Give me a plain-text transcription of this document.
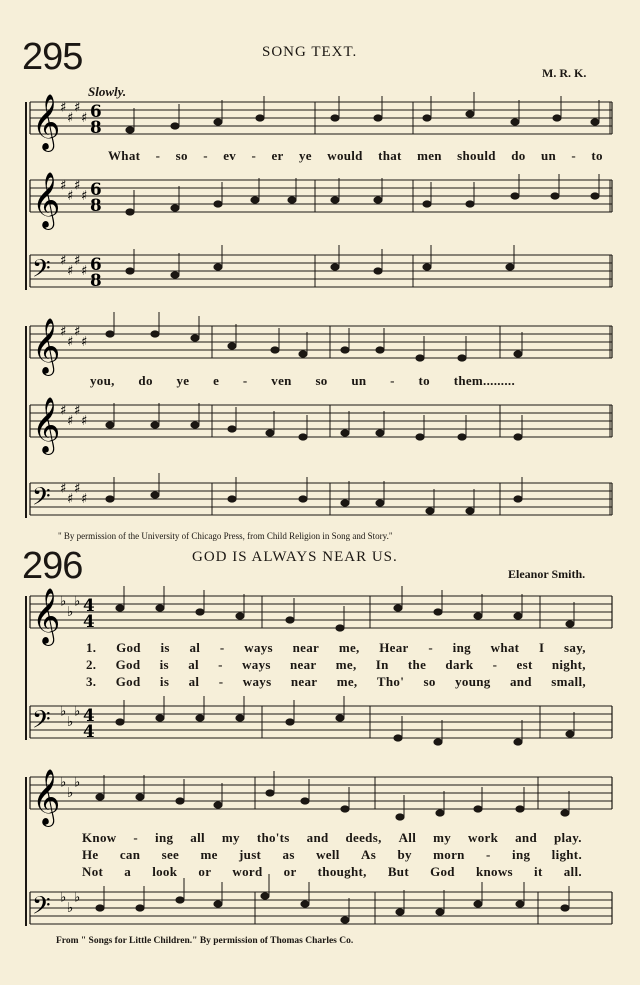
295	SONG TEXT.
M. R. K.
Slowly.
𝄞 ♯
♯
♯
♯ 6
8
𝄞 ♯
♯
♯
♯ 6
8
𝄢 ♯
♯
♯
♯ 6
8
𝄞 ♯
♯
♯
♯
𝄞 ♯
♯
♯
♯
𝄢 ♯
♯
♯
♯
𝄞 ♭
♭
♭ 4
4
𝄢 ♭
♭
♭ 4
4
𝄞 ♭
♭
♭
𝄢 ♭
♭
♭
What - so - ev - er ye would that men should do un - to
you, do ye e - ven so un - to them.........
" By permission of the University of Chicago Press, from Child Religion in Song and Story."
296	GOD IS ALWAYS NEAR US.
Eleanor Smith.
1. God is al - ways near me, Hear - ing what I say,
2. God is al - ways near me, In the dark - est night,
3. God is al - ways near me, Tho' so young and small,
Know - ing all my tho'ts and deeds, All my work and play.
He can see me just as well As by morn - ing light.
Not a look or word or thought, But God knows it all.
From " Songs for Little Children." By permission of Thomas Charles Co.
